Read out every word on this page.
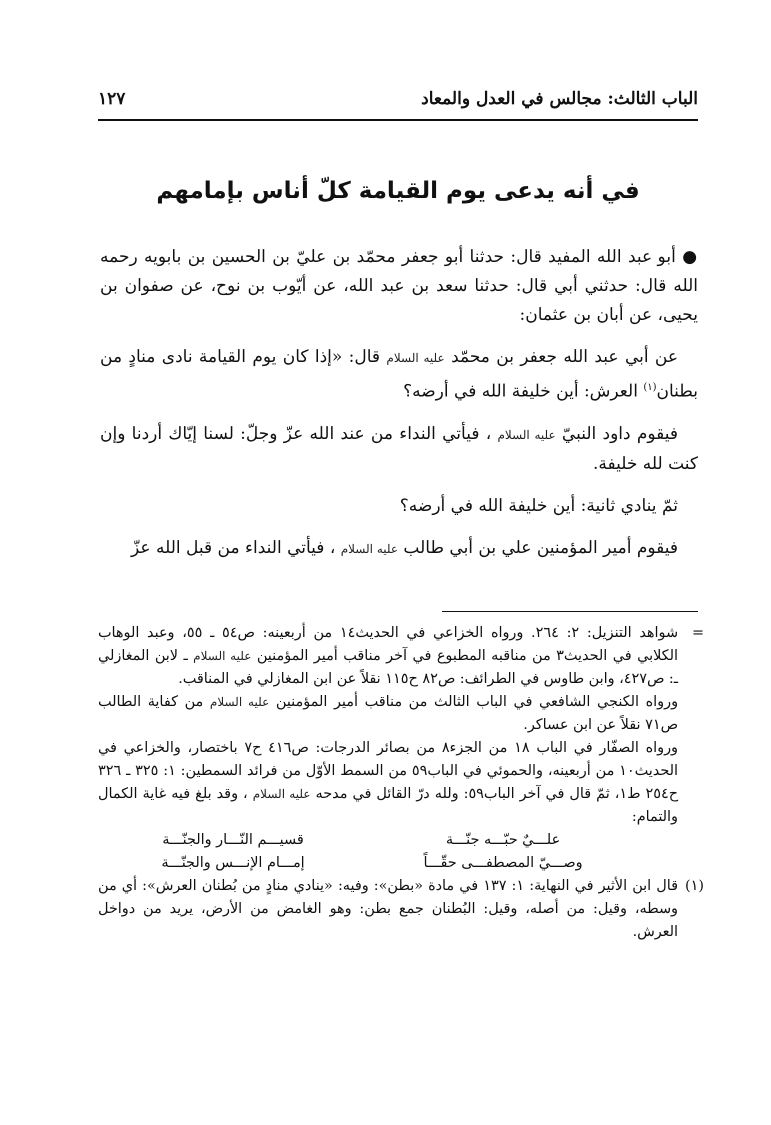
الباب الثالث: مجالس في العدل والمعاد
١٢٧
في أنه يدعى يوم القيامة كلّ أناس بإمامهم

● أبو عبد الله المفيد قال: حدثنا أبو جعفر محمّد بن عليّ بن الحسين بن بابويه رحمه الله قال: حدثني أبي قال: حدثنا سعد بن عبد الله، عن أيّوب بن نوح، عن صفوان بن يحيى، عن أبان بن عثمان:

عن أبي عبد الله جعفر بن محمّد عليه السلام قال: «إذا كان يوم القيامة نادى منادٍ من بطنان$^{(١)}$ العرش: أين خليفة الله في أرضه؟

فيقوم داود النبيّ عليه السلام ، فيأتي النداء من عند الله عزّ وجلّ: لسنا إيّاك أردنا وإن كنت لله خليفة.

ثمّ ينادي ثانية: أين خليفة الله في أرضه؟

فيقوم أمير المؤمنين علي بن أبي طالب عليه السلام ، فيأتي النداء من قبل الله عزّ

=

شواهد التنزيل: ٢: ٢٦٤. ورواه الخزاعي في الحديث١٤ من أربعينه: ص٥٤ ـ ٥٥، وعبد الوهاب الكلابي في الحديث٣ من مناقبه المطبوع في آخر مناقب أمير المؤمنين عليه السلام ـ لابن المغازلي ـ: ص٤٢٧، وابن طاوس في الطرائف: ص٨٢ ح١١٥ نقلاً عن ابن المغازلي في المناقب.

ورواه الكنجي الشافعي في الباب الثالث من مناقب أمير المؤمنين عليه السلام من كفاية الطالب ص٧١ نقلاً عن ابن عساكر.

ورواه الصفّار في الباب ١٨ من الجزء٨ من بصائر الدرجات: ص٤١٦ ح٧ باختصار، والخزاعي في الحديث١٠ من أربعينه، والحموئي في الباب٥٩ من السمط الأوّل من فرائد السمطين: ١: ٣٢٥ ـ ٣٢٦ ح٢٥٤ ط١، ثمّ قال في آخر الباب٥٩: ولله درّ القائل في مدحه عليه السلام ، وقد بلغ فيه غاية الكمال والتمام:

علـــيٌ حبّـــه جنّـــة
قسيـــم النّـــار والجنّـــة
وصـــيّ المصطفـــى حقّـــاً
إمـــام الإنـــس والجنّـــة
(١)

قال ابن الأثير في النهاية: ١: ١٣٧ في مادة «بطن»: وفيه: «ينادي منادٍ من بُطنان العرش»: أي من وسطه، وقيل: من أصله، وقيل: البُطنان جمع بطن: وهو الغامض من الأرض، يريد من دواخل العرش.
